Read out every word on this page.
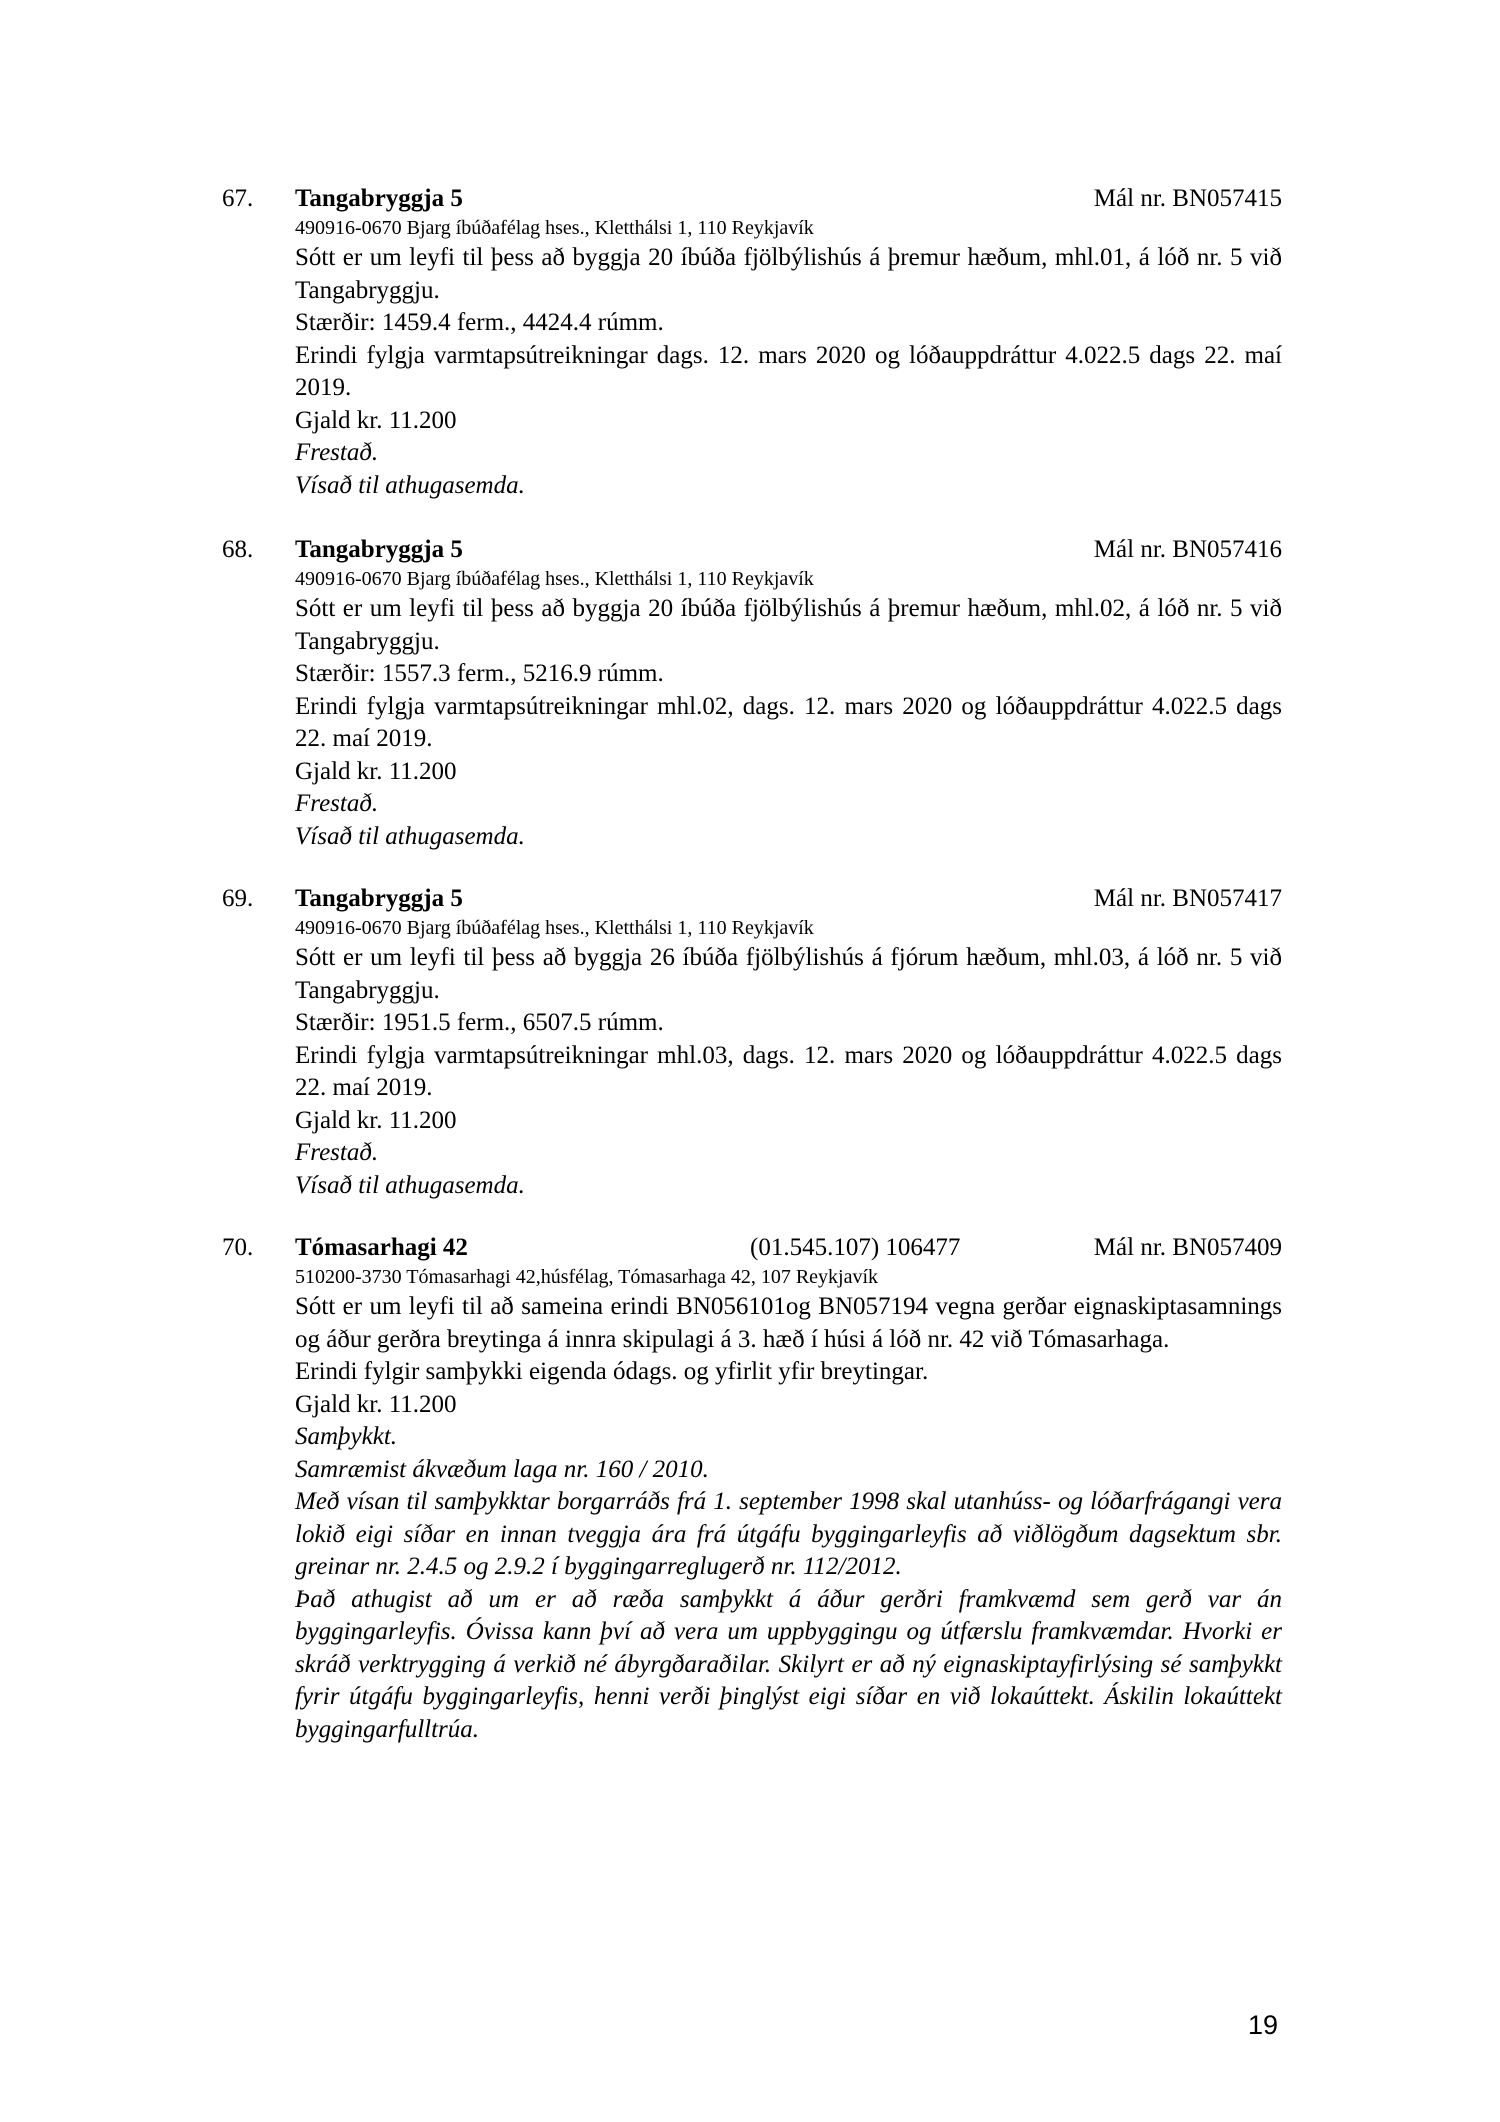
67. Tangabryggja 5	Mál nr. BN057415

490916-0670 Bjarg íbúðafélag hses., Kletthálsi 1, 110 Reykjavík

Sótt er um leyfi til þess að byggja 20 íbúða fjölbýlishús á þremur hæðum, mhl.01, á lóð nr. 5 við Tangabryggju.

Stærðir: 1459.4 ferm., 4424.4 rúmm.

Erindi fylgja varmtapsútreikningar dags. 12. mars 2020 og lóðauppdráttur 4.022.5 dags 22. maí 2019.

Gjald kr. 11.200

Frestað.

Vísað til athugasemda.

68. Tangabryggja 5	Mál nr. BN057416

490916-0670 Bjarg íbúðafélag hses., Kletthálsi 1, 110 Reykjavík

Sótt er um leyfi til þess að byggja 20 íbúða fjölbýlishús á þremur hæðum, mhl.02, á lóð nr. 5 við Tangabryggju.

Stærðir: 1557.3 ferm., 5216.9 rúmm.

Erindi fylgja varmtapsútreikningar mhl.02, dags. 12. mars 2020 og lóðauppdráttur 4.022.5 dags 22. maí 2019.

Gjald kr. 11.200

Frestað.

Vísað til athugasemda.

69. Tangabryggja 5	Mál nr. BN057417

490916-0670 Bjarg íbúðafélag hses., Kletthálsi 1, 110 Reykjavík

Sótt er um leyfi til þess að byggja 26 íbúða fjölbýlishús á fjórum hæðum, mhl.03, á lóð nr. 5 við Tangabryggju.

Stærðir: 1951.5 ferm., 6507.5 rúmm.

Erindi fylgja varmtapsútreikningar mhl.03, dags. 12. mars 2020 og lóðauppdráttur 4.022.5 dags 22. maí 2019.

Gjald kr. 11.200

Frestað.

Vísað til athugasemda.

70. Tómasarhagi 42	(01.545.107) 106477	Mál nr. BN057409

510200-3730 Tómasarhagi 42,húsfélag, Tómasarhaga 42, 107 Reykjavík

Sótt er um leyfi til að sameina erindi BN056101og BN057194 vegna gerðar eignaskiptasamnings og áður gerðra breytinga á innra skipulagi á 3. hæð í húsi á lóð nr. 42 við Tómasarhaga.

Erindi fylgir samþykki eigenda ódags. og yfirlit yfir breytingar.

Gjald kr. 11.200

Samþykkt.

Samræmist ákvæðum laga nr. 160 / 2010.

Með vísan til samþykktar borgarráðs frá 1. september 1998 skal utanhúss- og lóðarfrágangi vera lokið eigi síðar en innan tveggja ára frá útgáfu byggingarleyfis að viðlögðum dagsektum sbr. greinar nr. 2.4.5 og 2.9.2 í byggingarreglugerð nr. 112/2012.

Það athugist að um er að ræða samþykkt á áður gerðri framkvæmd sem gerð var án byggingarleyfis. Óvissa kann því að vera um uppbyggingu og útfærslu framkvæmdar. Hvorki er skráð verktrygging á verkið né ábyrgðaraðilar. Skilyrt er að ný eignaskiptayfirlýsing sé samþykkt fyrir útgáfu byggingarleyfis, henni verði þinglýst eigi síðar en við lokaúttekt. Áskilin lokaúttekt byggingarfulltrúa.

19
